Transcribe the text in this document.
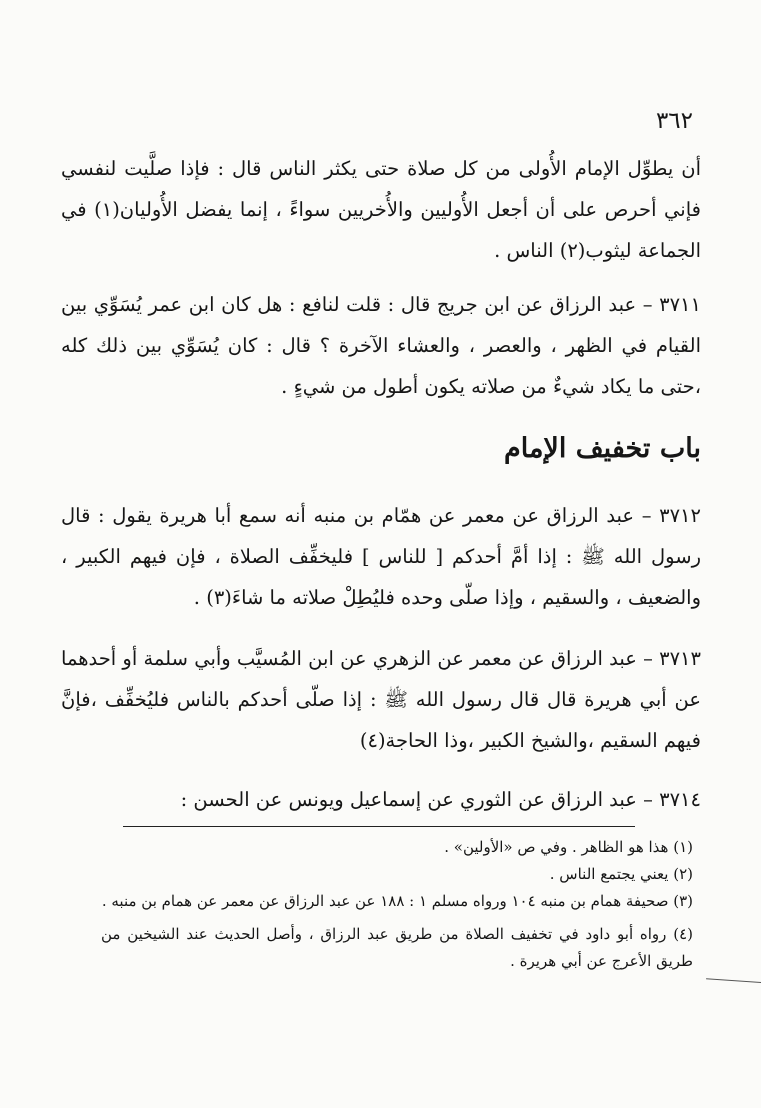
٣٦٢

أن يطوِّل الإمام الأُولى من كل صلاة حتى يكثر الناس قال : فإذا صلَّيت لنفسي فإني أحرص على أن أجعل الأُوليين والأُخريين سواءً ، إنما يفضل الأُوليان(١) في الجماعة ليثوب(٢) الناس .

٣٧١١ – عبد الرزاق عن ابن جريج قال : قلت لنافع : هل كان ابن عمر يُسَوِّي بين القيام في الظهر ، والعصر ، والعشاء الآخرة ؟ قال : كان يُسَوِّي بين ذلك كله ،حتى ما يكاد شيءٌ من صلاته يكون أطول من شيءٍ .

باب تخفيف الإمام

٣٧١٢ – عبد الرزاق عن معمر عن همّام بن منبه أنه سمع أبا هريرة يقول : قال رسول الله ﷺ : إذا أمَّ أحدكم [ للناس ] فليخفِّف الصلاة ، فإن فيهم الكبير ، والضعيف ، والسقيم ، وإذا صلّى وحده فليُطِلْ صلاته ما شاءَ(٣) .

٣٧١٣ – عبد الرزاق عن معمر عن الزهري عن ابن المُسيَّب وأبي سلمة أو أحدهما عن أبي هريرة قال قال رسول الله ﷺ : إذا صلّى أحدكم بالناس فليُخفِّف ،فإنَّ فيهم السقيم ،والشيخ الكبير ،وذا الحاجة(٤)

٣٧١٤ – عبد الرزاق عن الثوري عن إسماعيل ويونس عن الحسن :

(١) هذا هو الظاهر . وفي ص «الأولين» .

(٢) يعني يجتمع الناس .

(٣) صحيفة همام بن منبه ١٠٤ ورواه مسلم ١ : ١٨٨ عن عبد الرزاق عن معمر عن همام بن منبه .

(٤) رواه أبو داود في تخفيف الصلاة من طريق عبد الرزاق ، وأصل الحديث عند الشيخين من طريق الأعرج عن أبي هريرة .
